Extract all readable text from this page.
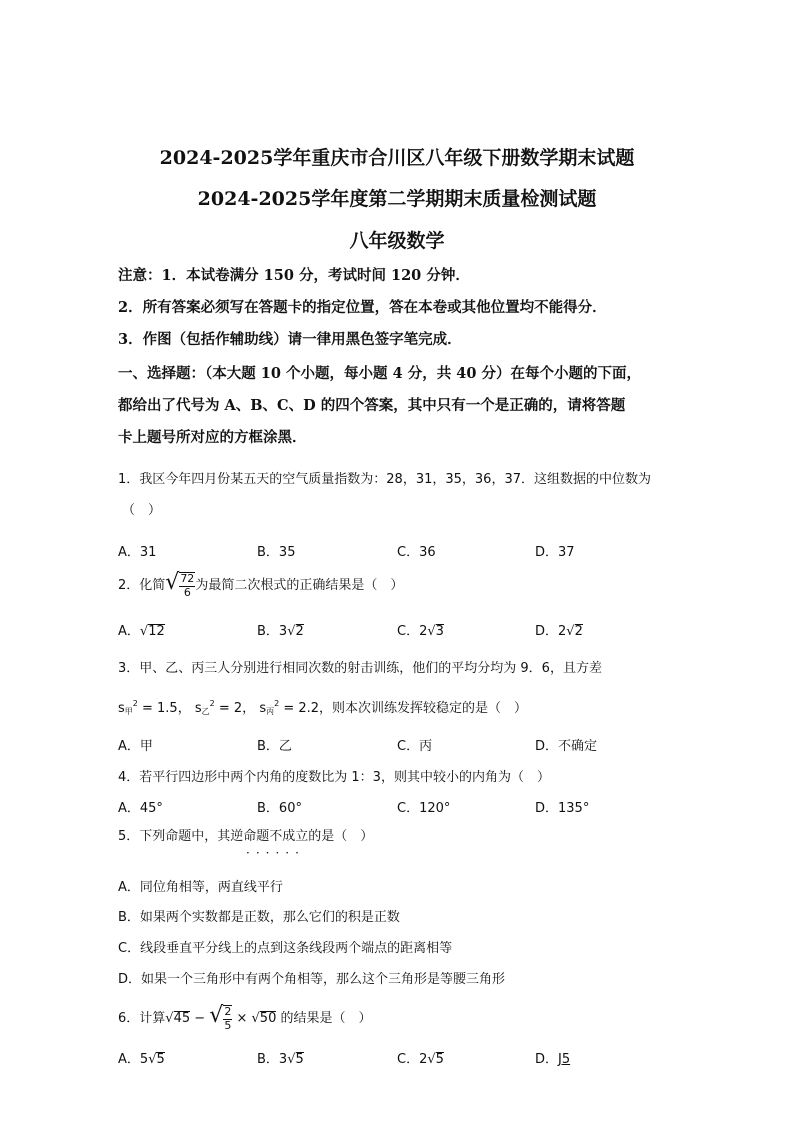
2024-2025学年重庆市合川区八年级下册数学期末试题
2024-2025学年度第二学期期末质量检测试题
八年级数学
注意：1．本试卷满分 150 分，考试时间 120 分钟．
2．所有答案必须写在答题卡的指定位置，答在本卷或其他位置均不能得分．
3．作图（包括作辅助线）请一律用黑色签字笔完成．
一、选择题：（本大题 10 个小题，每小题 4 分，共 40 分）在每个小题的下面，
都给出了代号为 A、B、C、D 的四个答案，其中只有一个是正确的，请将答题
卡上题号所对应的方框涂黑．
1．我区今年四月份某五天的空气质量指数为：28，31，35，36，37．这组数据的中位数为
（　）
A．31	B．35	C．36	D．37
2．化简√ $\frac{72}{6}$ 为最简二次根式的正确结果是（　）
A．√12	B．3√2	C．2√3	D．2√2
3．甲、乙、丙三人分别进行相同次数的射击训练，他们的平均分均为 9．6，且方差
$s_甲^2 = 1.5$， $s_乙^2 = 2$， $s_丙^2 = 2.2$，则本次训练发挥较稳定的是（　）
A．甲	B．乙	C．丙	D．不确定
4．若平行四边形中两个内角的度数比为 1：3，则其中较小的内角为（　）
A．45°	B．60°	C．120°	D．135°
5．下列命题中，其逆命题不成立的是（　）
······
A．同位角相等，两直线平行
B．如果两个实数都是正数，那么它们的积是正数
C．线段垂直平分线上的点到这条线段两个端点的距离相等
D．如果一个三角形中有两个角相等，那么这个三角形是等腰三角形
6．计算√45 − √ $\frac{2}{5} \times √50$ 的结果是（　）
A．5√5	B．3√5	C．2√5	D．J5
